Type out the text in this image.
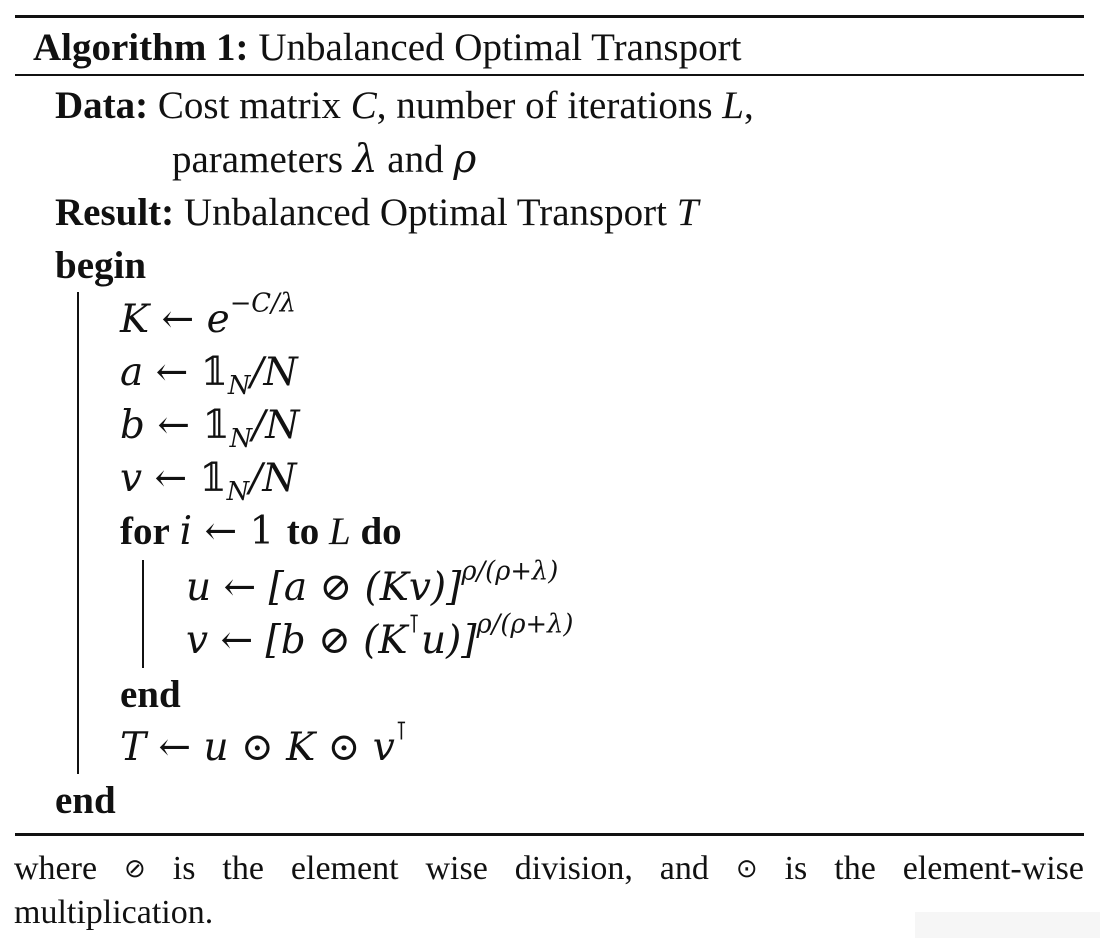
Algorithm 1: Unbalanced Optimal Transport
Data: Cost matrix C, number of iterations L,
parameters λ and ρ
Result: Unbalanced Optimal Transport T
begin
K ← $e^{-C/\lambda}$
a ← $𝟙_N/N$
b ← $𝟙_N/N$
v ← $𝟙_N/N$
for i ← 1 to L do
u ← [a ⊘ (Kv)]$^{\rho/(\rho+\lambda)}$
v ← [b ⊘ (K⊺u)]$^{\rho/(\rho+\lambda)}$
end
T ← u ⊙ K ⊙ v⊺
end
where ⊘ is the element wise division, and ⊙ is the element-wise
multiplication.
